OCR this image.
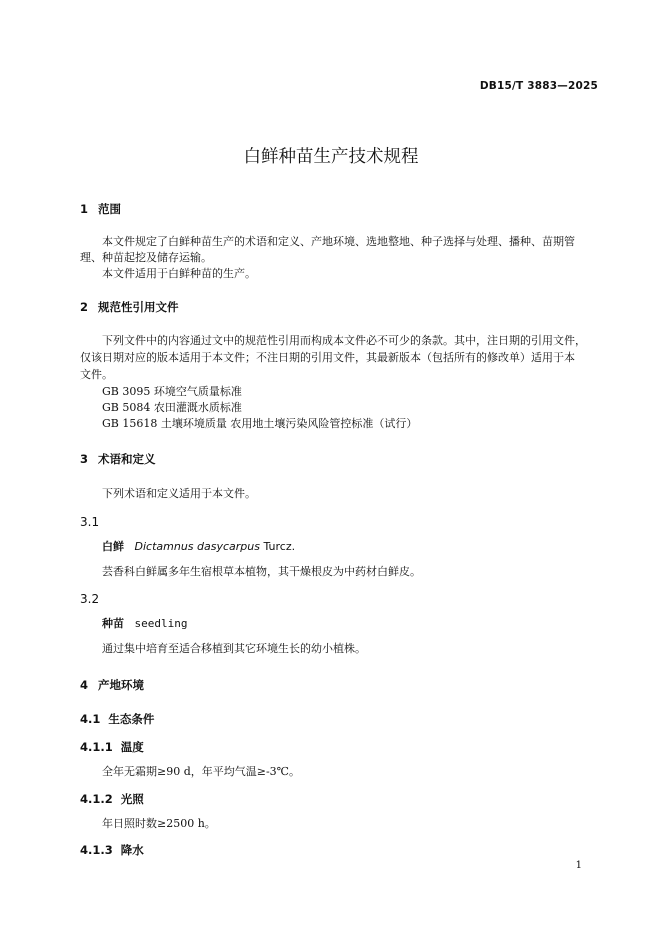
DB15/T 3883—2025
白鲜种苗生产技术规程
1 范围
本文件规定了白鲜种苗生产的术语和定义、产地环境、选地整地、种子选择与处理、播种、苗期管
理、种苗起挖及储存运输。
本文件适用于白鲜种苗的生产。
2 规范性引用文件
下列文件中的内容通过文中的规范性引用而构成本文件必不可少的条款。其中，注日期的引用文件，
仅该日期对应的版本适用于本文件；不注日期的引用文件，其最新版本（包括所有的修改单）适用于本
文件。
GB 3095 环境空气质量标准
GB 5084 农田灌溉水质标准
GB 15618 土壤环境质量 农用地土壤污染风险管控标准（试行）
3 术语和定义
下列术语和定义适用于本文件。
3.1
白鲜 Dictamnus dasycarpus Turcz.
芸香科白鲜属多年生宿根草本植物，其干燥根皮为中药材白鲜皮。
3.2
种苗 seedling
通过集中培育至适合移植到其它环境生长的幼小植株。
4 产地环境
4.1 生态条件
4.1.1 温度
全年无霜期≥90 d，年平均气温≥-3℃。
4.1.2 光照
年日照时数≥2500 h。
4.1.3 降水
1
